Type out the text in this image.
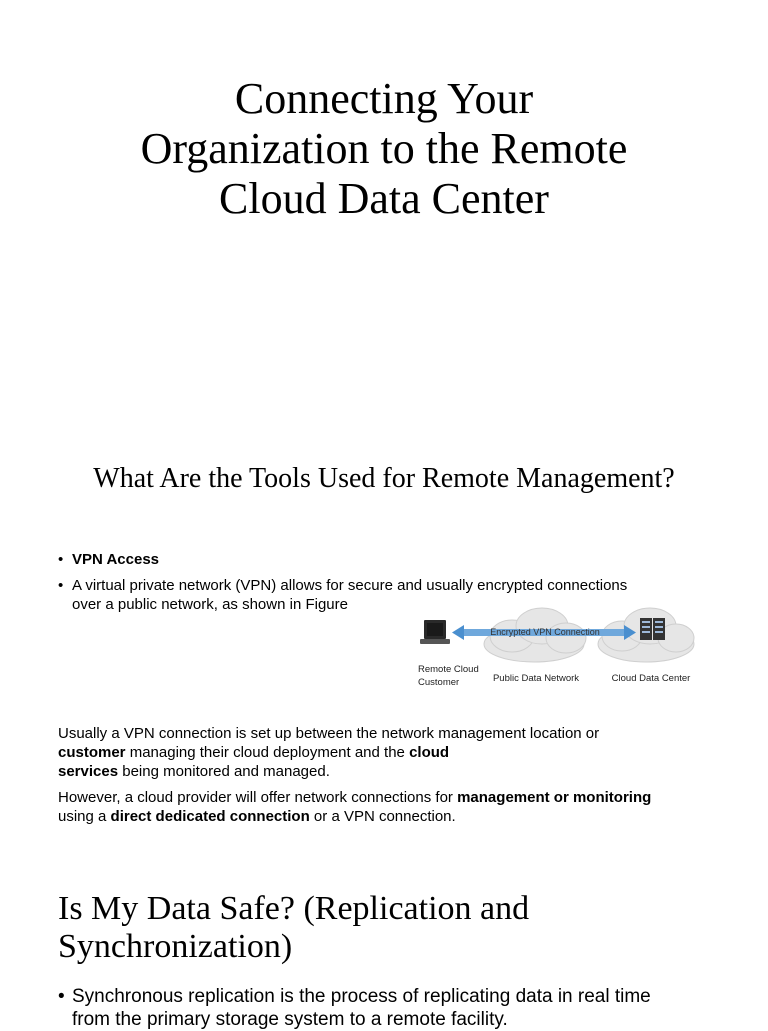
Connecting Your
Organization to the Remote
Cloud Data Center
What Are the Tools Used for Remote Management?
• VPN Access
• A virtual private network (VPN) allows for secure and usually encrypted connections
over a public network, as shown in Figure
Encrypted VPN Connection
Remote Cloud
Customer	Public Data Network	Cloud Data Center
Usually a VPN connection is set up between the network management location or
customer managing their cloud deployment and the cloud
services being monitored and managed.
However, a cloud provider will offer network connections for management or monitoring
using a direct dedicated connection or a VPN connection.
Is My Data Safe? (Replication and
Synchronization)
• Synchronous replication is the process of replicating data in real time
from the primary storage system to a remote facility.
